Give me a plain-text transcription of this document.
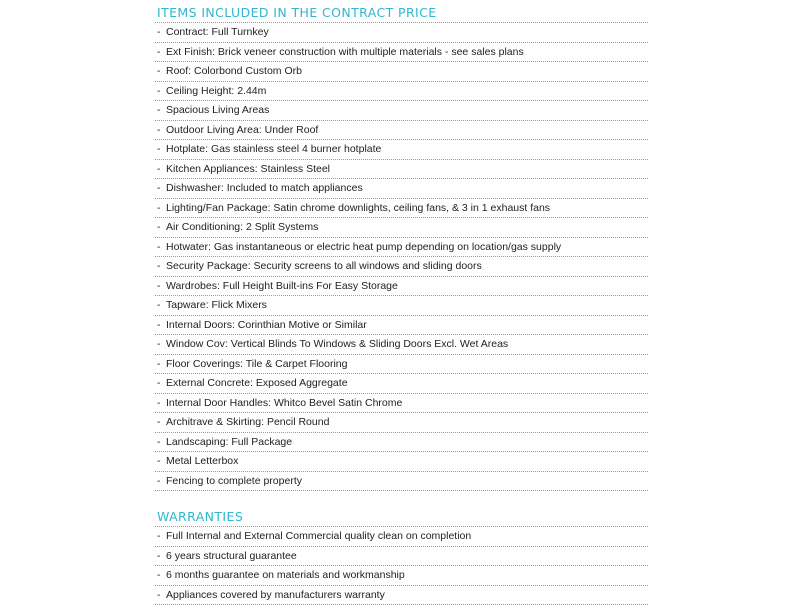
ITEMS INCLUDED IN THE CONTRACT PRICE
- Contract: Full Turnkey
- Ext Finish: Brick veneer construction with multiple materials - see sales plans
- Roof: Colorbond Custom Orb
- Ceiling Height: 2.44m
- Spacious Living Areas
- Outdoor Living Area: Under Roof
- Hotplate: Gas stainless steel 4 burner hotplate
- Kitchen Appliances: Stainless Steel
- Dishwasher: Included to match appliances
- Lighting/Fan Package: Satin chrome downlights, ceiling fans, & 3 in 1 exhaust fans
- Air Conditioning: 2 Split Systems
- Hotwater: Gas instantaneous or electric heat pump depending on location/gas supply
- Security Package: Security screens to all windows and sliding doors
- Wardrobes: Full Height Built-ins For Easy Storage
- Tapware: Flick Mixers
- Internal Doors: Corinthian Motive or Similar
- Window Cov: Vertical Blinds To Windows & Sliding Doors Excl. Wet Areas
- Floor Coverings: Tile & Carpet Flooring
- External Concrete: Exposed Aggregate
- Internal Door Handles: Whitco Bevel Satin Chrome
- Architrave & Skirting: Pencil Round
- Landscaping: Full Package
- Metal Letterbox
- Fencing to complete property
WARRANTIES
- Full Internal and External Commercial quality clean on completion
- 6 years structural guarantee
- 6 months guarantee on materials and workmanship
- Appliances covered by manufacturers warranty
